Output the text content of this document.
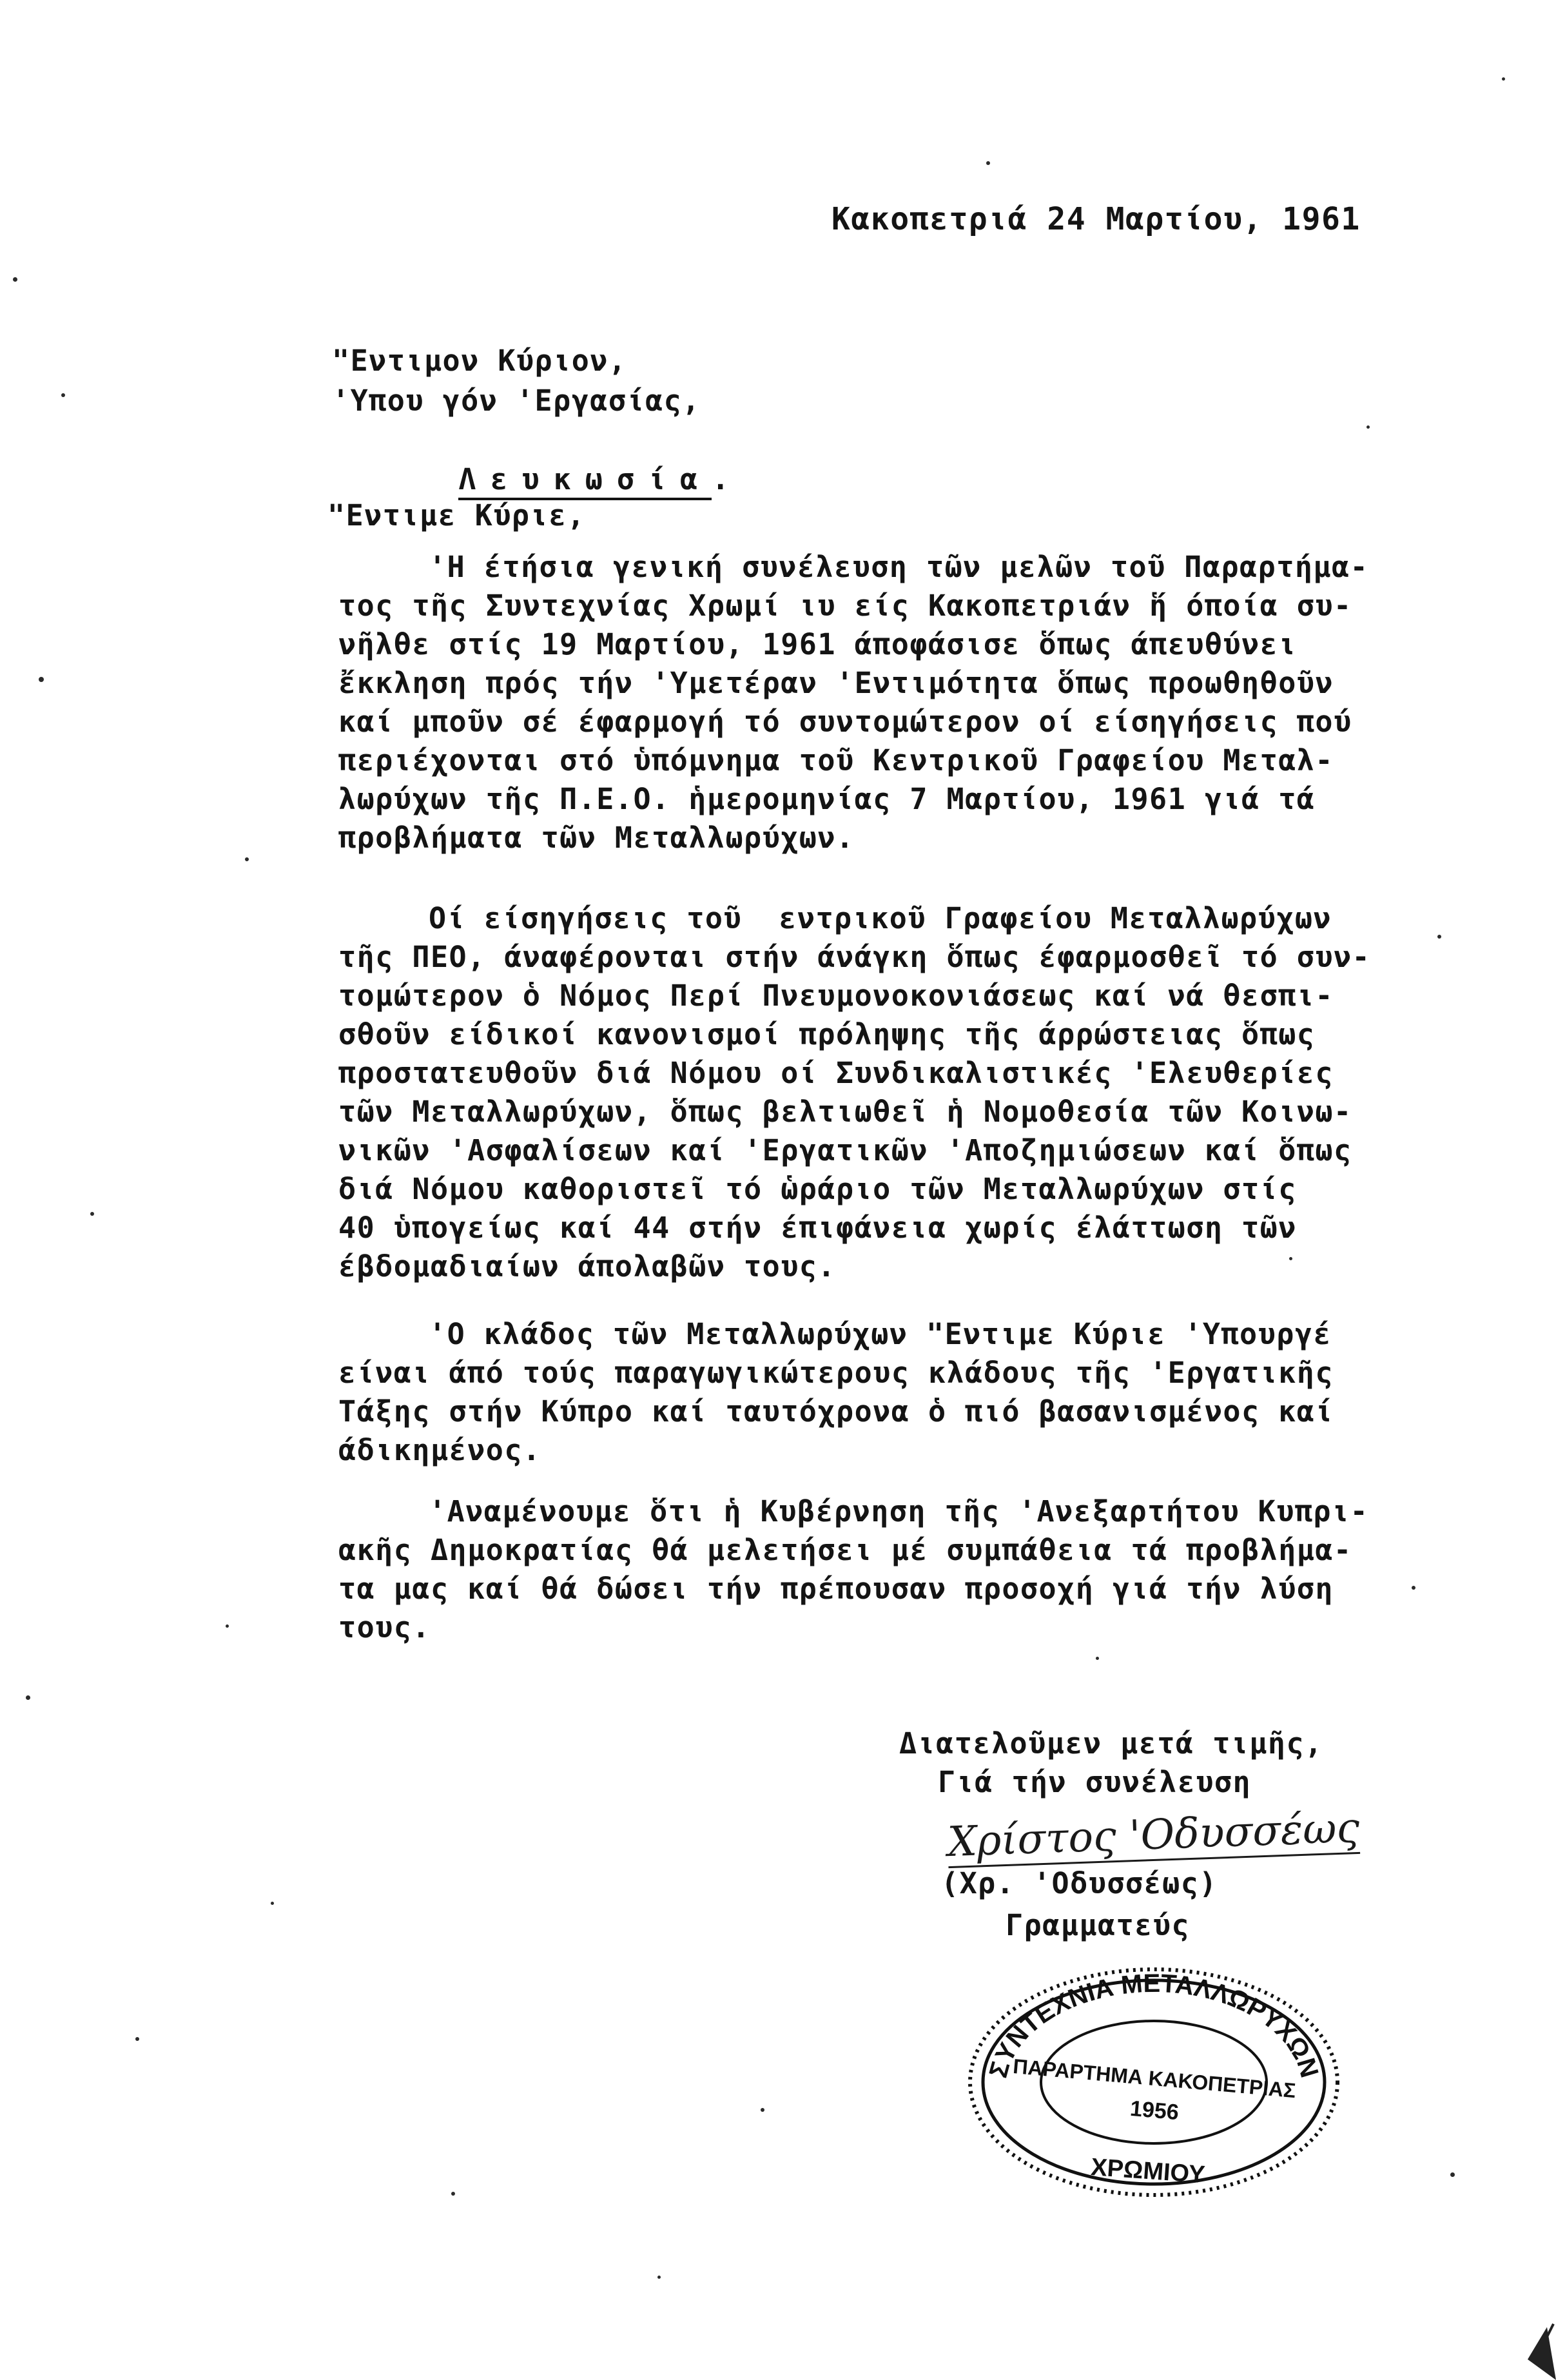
Κακοπετριά 24 Μαρτίου, 1961
"Εντιμον Κύριον,
'Υπου γόν 'Εργασίας,

Λευκωσία.

"Εντιμε Κύριε,
'Η έτήσια γενική συνέλευση τῶν μελῶν τοῦ Παραρτήμα-
τος τῆς Συντεχνίας Χρωμί ιυ είς Κακοπετριάν ἥ όποία συ-
νῆλθε στίς 19 Μαρτίου, 1961 άποφάσισε ὅπως άπευθύνει
ἔκκληση πρός τήν 'Υμετέραν 'Εντιμότητα ὅπως προωθηθοῦν
καί μποῦν σέ έφαρμογή τό συντομώτερον οί είσηγήσεις πού
περιέχονται στό ὑπόμνημα τοῦ Κεντρικοῦ Γραφείου Μεταλ-
λωρύχων τῆς Π.Ε.Ο. ἡμερομηνίας 7 Μαρτίου, 1961 γιά τά
προβλήματα τῶν Μεταλλωρύχων.
Οί είσηγήσεις τοῦ  εντρικοῦ Γραφείου Μεταλλωρύχων
τῆς ΠΕΟ, άναφέρονται στήν άνάγκη ὅπως έφαρμοσθεῖ τό συν-
τομώτερον ὁ Νόμος Περί Πνευμονοκονιάσεως καί νά θεσπι-
σθοῦν είδικοί κανονισμοί πρόληψης τῆς άρρώστειας ὅπως
προστατευθοῦν διά Νόμου οί Συνδικαλιστικές 'Ελευθερίες
τῶν Μεταλλωρύχων, ὅπως βελτιωθεῖ ἡ Νομοθεσία τῶν Κοινω-
νικῶν 'Ασφαλίσεων καί 'Εργατικῶν 'Αποζημιώσεων καί ὅπως
διά Νόμου καθοριστεῖ τό ὡράριο τῶν Μεταλλωρύχων στίς
40 ὑπογείως καί 44 στήν έπιφάνεια χωρίς έλάττωση τῶν
έβδομαδιαίων άπολαβῶν τους.
'Ο κλάδος τῶν Μεταλλωρύχων "Εντιμε Κύριε 'Υπουργέ
είναι άπό τούς παραγωγικώτερους κλάδους τῆς 'Εργατικῆς
Τάξης στήν Κύπρο καί ταυτόχρονα ὁ πιό βασανισμένος καί
άδικημένος.
'Αναμένουμε ὅτι ἡ Κυβέρνηση τῆς 'Ανεξαρτήτου Κυπρι-
ακῆς Δημοκρατίας θά μελετήσει μέ συμπάθεια τά προβλήμα-
τα μας καί θά δώσει τήν πρέπουσαν προσοχή γιά τήν λύση
τους.
Διατελοῦμεν μετά τιμῆς,
Γιά τήν συνέλευση
Χρίστος 'Οδυσσέως
(Χρ. 'Οδυσσέως)
Γραμματεύς
ΣΥΝΤΕΧΝΙΑ ΜΕΤΑΛΛΩΡΥΧΩΝ
ΠΑΡΑΡΤΗΜΑ ΚΑΚΟΠΕΤΡΙΑΣ
1956
ΧΡΩΜΙΟΥ
